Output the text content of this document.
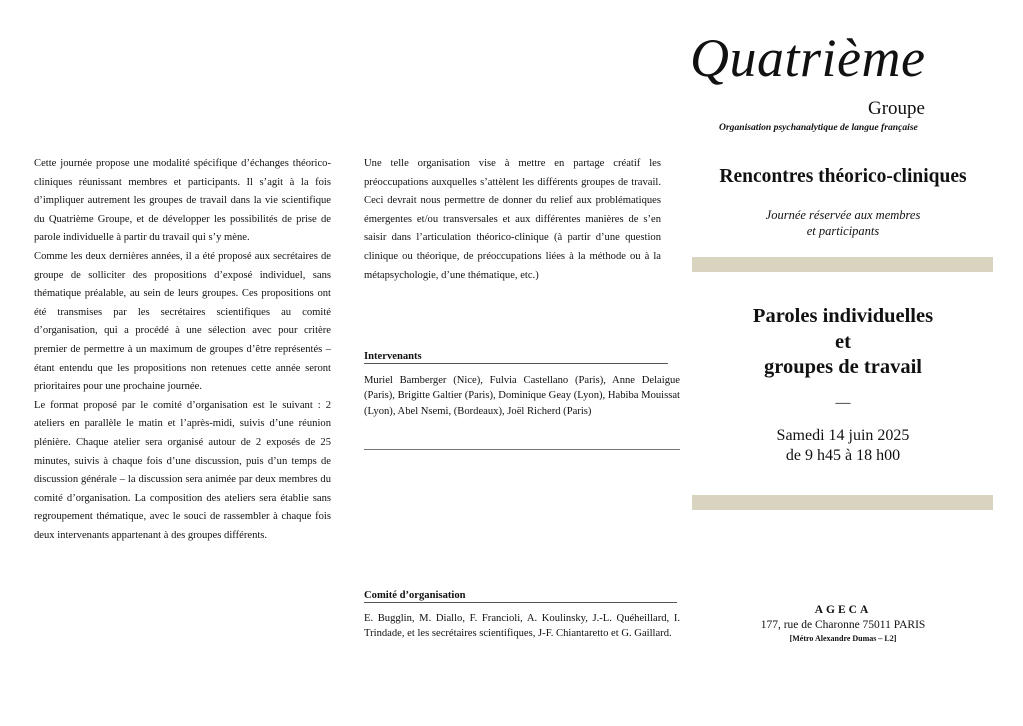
Cette journée propose une modalité spécifique d’échanges théorico-cliniques réunissant membres et participants. Il s’agit à la fois d’impliquer autrement les groupes de travail dans la vie scientifique du Quatrième Groupe, et de développer les possibilités de prise de parole individuelle à partir du travail qui s’y mène.

Comme les deux dernières années, il a été proposé aux secrétaires de groupe de solliciter des propositions d’exposé individuel, sans thématique préalable, au sein de leurs groupes. Ces propositions ont été transmises par les secrétaires scientifiques au comité d’organisation, qui a procédé à une sélection avec pour critère premier de permettre à un maximum de groupes d’être représentés – étant entendu que les propositions non retenues cette année seront prioritaires pour une prochaine journée.

Le format proposé par le comité d’organisation est le suivant : 2 ateliers en parallèle le matin et l’après-midi, suivis d’une réunion plénière. Chaque atelier sera organisé autour de 2 exposés de 25 minutes, suivis à chaque fois d’une discussion, puis d’un temps de discussion générale – la discussion sera animée par deux membres du comité d’organisation. La composition des ateliers sera établie sans regroupement thématique, avec le souci de rassembler à chaque fois deux intervenants appartenant à des groupes différents.

Une telle organisation vise à mettre en partage créatif les préoccupations auxquelles s’attèlent les différents groupes de travail. Ceci devrait nous permettre de donner du relief aux problématiques émergentes et/ou transversales et aux différentes manières de s’en saisir dans l’articulation théorico-clinique (à partir d’une question clinique ou théorique, de préoccupations liées à la méthode ou à la métapsychologie, d’une thématique, etc.)

Intervenants
Muriel Bamberger (Nice), Fulvia Castellano (Paris), Anne Delaigue (Paris), Brigitte Galtier (Paris), Dominique Geay (Lyon), Habiba Mouissat (Lyon), Abel Nsemi, (Bordeaux), Joël Richerd (Paris)
Comité d’organisation
E. Bugglin, M. Diallo, F. Francioli, A. Koulinsky, J.-L. Quéheillard, I. Trindade, et les secrétaires scientifiques, J-F. Chiantaretto et G. Gaillard.
Quatrième
Groupe
Organisation psychanalytique de langue française
Rencontres théorico-cliniques
Journée réservée aux membres
et participants
Paroles individuelles
et
groupes de travail
—
Samedi 14 juin 2025
de 9 h45 à 18 h00
AGECA
177, rue de Charonne 75011 PARIS
[Métro Alexandre Dumas – L2]
